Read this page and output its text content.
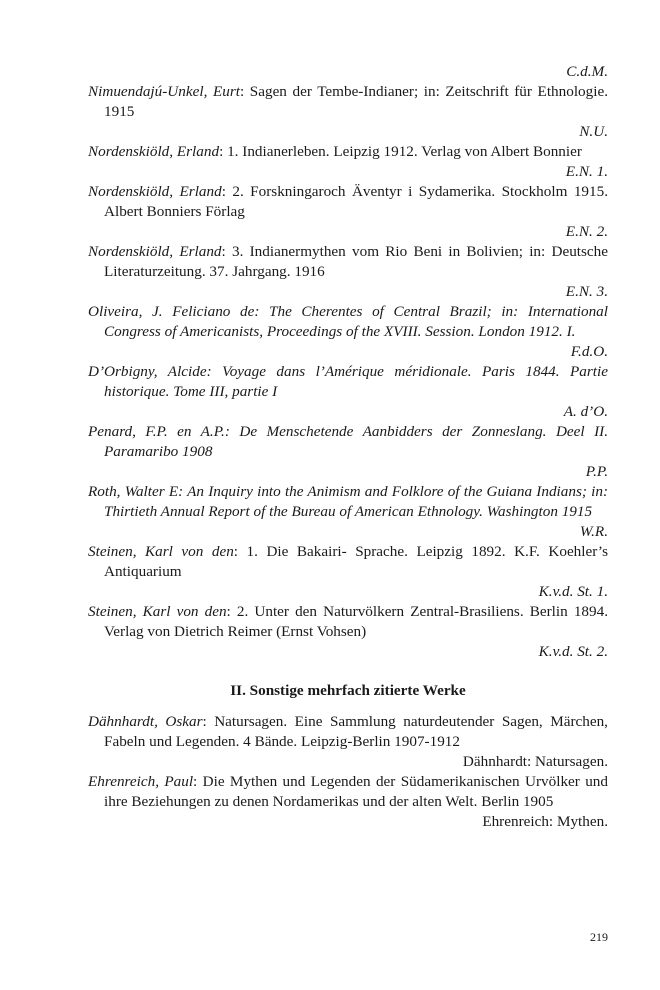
C.d.M.
Nimuendajú-Unkel, Eurt: Sagen der Tembe-Indianer; in: Zeitschrift für Ethnologie. 1915
N.U.
Nordenskiöld, Erland: 1. Indianerleben. Leipzig 1912. Verlag von Albert Bonnier
E.N. 1.
Nordenskiöld, Erland: 2. Forskningaroch Äventyr i Sydamerika. Stockholm 1915. Albert Bonniers Förlag
E.N. 2.
Nordenskiöld, Erland: 3. Indianermythen vom Rio Beni in Bolivien; in: Deutsche Literaturzeitung. 37. Jahrgang. 1916
E.N. 3.
Oliveira, J. Feliciano de: The Cherentes of Central Brazil; in: International Congress of Americanists, Proceedings of the XVIII. Session. London 1912. I.
F.d.O.
D’Orbigny, Alcide: Voyage dans l’Amérique méridionale. Paris 1844. Partie historique. Tome III, partie I
A. d’O.
Penard, F.P. en A.P.: De Menschetende Aanbidders der Zonneslang. Deel II. Paramaribo 1908
P.P.
Roth, Walter E: An Inquiry into the Animism and Folklore of the Guiana Indians; in: Thirtieth Annual Report of the Bureau of American Ethnology. Washington 1915
W.R.
Steinen, Karl von den: 1. Die Bakairi- Sprache. Leipzig 1892. K.F. Koehler’s Antiquarium
K.v.d. St. 1.
Steinen, Karl von den: 2. Unter den Naturvölkern Zentral-Brasiliens. Berlin 1894. Verlag von Dietrich Reimer (Ernst Vohsen)
K.v.d. St. 2.
II. Sonstige mehrfach zitierte Werke
Dähnhardt, Oskar: Natursagen. Eine Sammlung naturdeutender Sagen, Märchen, Fabeln und Legenden. 4 Bände. Leipzig-Berlin 1907-1912
Dähnhardt: Natursagen.
Ehrenreich, Paul: Die Mythen und Legenden der Südamerikanischen Urvölker und ihre Beziehungen zu denen Nordamerikas und der alten Welt. Berlin 1905
Ehrenreich: Mythen.
219
